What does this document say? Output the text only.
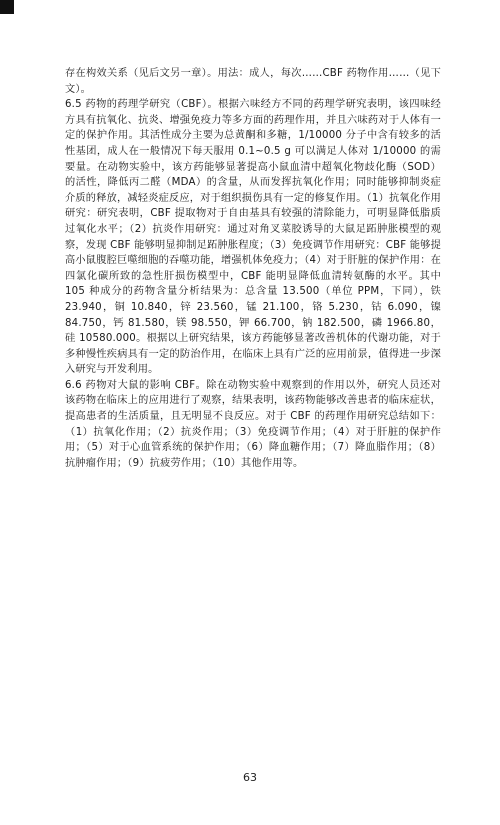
存在构效关系（见后文另一章）。用法：成人，每次……CBF 药物作用……（见下文）。

6.5 药物的药理学研究（CBF）。根据六味经方不同的药理学研究表明，该四味经方具有抗氧化、抗炎、增强免疫力等多方面的药理作用，并且六味药对于人体有一定的保护作用。其活性成分主要为总黄酮和多糖，1/10000 分子中含有较多的活性基团，成人在一般情况下每天服用 0.1~0.5 g 可以满足人体对 1/10000 的需要量。在动物实验中，该方药能够显著提高小鼠血清中超氧化物歧化酶（SOD）的活性，降低丙二醛（MDA）的含量，从而发挥抗氧化作用；同时能够抑制炎症介质的释放，减轻炎症反应，对于组织损伤具有一定的修复作用。（1）抗氧化作用研究：研究表明，CBF 提取物对于自由基具有较强的清除能力，可明显降低脂质过氧化水平；（2）抗炎作用研究：通过对角叉菜胶诱导的大鼠足跖肿胀模型的观察，发现 CBF 能够明显抑制足跖肿胀程度；（3）免疫调节作用研究：CBF 能够提高小鼠腹腔巨噬细胞的吞噬功能，增强机体免疫力；（4）对于肝脏的保护作用：在四氯化碳所致的急性肝损伤模型中，CBF 能明显降低血清转氨酶的水平。其中 105 种成分的药物含量分析结果为：总含量 13.500（单位 PPM，下同），铁 23.940，铜 10.840，锌 23.560，锰 21.100，铬 5.230，钴 6.090，镍 84.750，钙 81.580，镁 98.550，钾 66.700，钠 182.500，磷 1966.80，硅 10580.000。根据以上研究结果，该方药能够显著改善机体的代谢功能，对于多种慢性疾病具有一定的防治作用，在临床上具有广泛的应用前景，值得进一步深入研究与开发利用。

6.6 药物对大鼠的影响 CBF。除在动物实验中观察到的作用以外，研究人员还对该药物在临床上的应用进行了观察，结果表明，该药物能够改善患者的临床症状，提高患者的生活质量，且无明显不良反应。对于 CBF 的药理作用研究总结如下：（1）抗氧化作用；（2）抗炎作用；（3）免疫调节作用；（4）对于肝脏的保护作用；（5）对于心血管系统的保护作用；（6）降血糖作用；（7）降血脂作用；（8）抗肿瘤作用；（9）抗疲劳作用；（10）其他作用等。

63
